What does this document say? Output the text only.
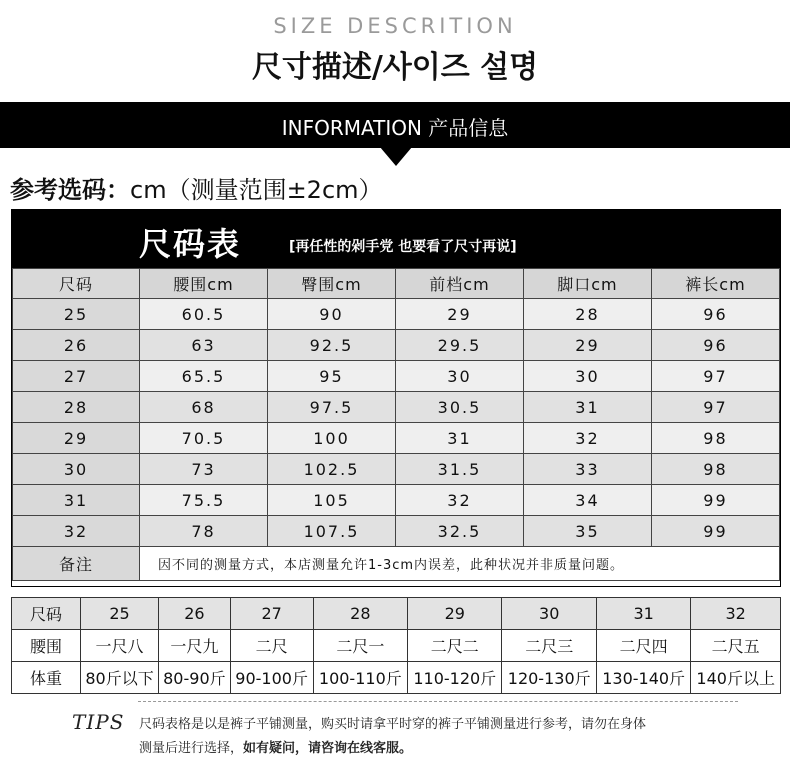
SIZE DESCRITION
尺寸描述/사이즈 설명
INFORMATION 产品信息
参考选码：cm（测量范围±2cm）
尺码表	[再任性的剁手党 也要看了尺寸再说]
尺码	腰围cm	臀围cm	前档cm	脚口cm	裤长cm
25	60.5	90	29	28	96
26	63	92.5	29.5	29	96
27	65.5	95	30	30	97
28	68	97.5	30.5	31	97
29	70.5	100	31	32	98
30	73	102.5	31.5	33	98
31	75.5	105	32	34	99
32	78	107.5	32.5	35	99
备注	因不同的测量方式，本店测量允许1-3cm内误差，此种状况并非质量问题。				
尺码	25	26	27	28	29	30	31	32
腰围	一尺八	一尺九	二尺	二尺一	二尺二	二尺三	二尺四	二尺五
体重	80斤以下	80-90斤	90-100斤	100-110斤	110-120斤	120-130斤	130-140斤	140斤以上
TIPS 尺码表格是以是裤子平铺测量，购买时请拿平时穿的裤子平铺测量进行参考，请勿在身体
测量后进行选择，如有疑问，请咨询在线客服。
